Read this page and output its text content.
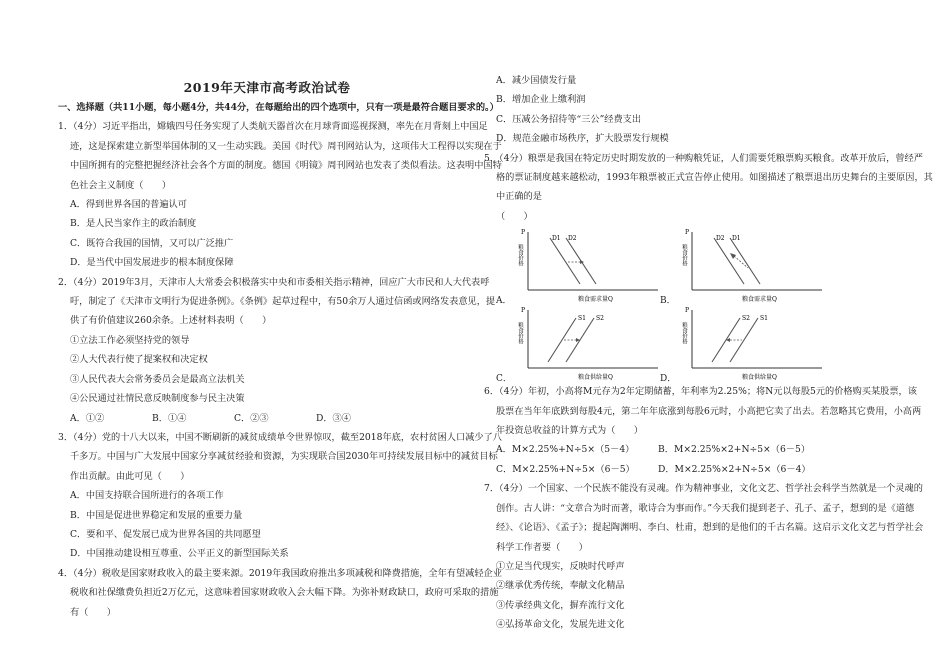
2019年天津市高考政治试卷
一、选择题（共11小题，每小题4分，共44分，在每题给出的四个选项中，只有一项是最符合题目要求的。）
1．（4分）习近平指出，嫦娥四号任务实现了人类航天器首次在月球背面巡视探测，率先在月背刻上中国足
迹，这是探索建立新型举国体制的又一生动实践。美国《时代》周刊网站认为，这项伟大工程得以实现在于
中国所拥有的完整把握经济社会各个方面的制度。德国《明镜》周刊网站也发表了类似看法。这表明中国特
色社会主义制度（　　）
A．得到世界各国的普遍认可
B．是人民当家作主的政治制度
C．既符合我国的国情，又可以广泛推广
D．是当代中国发展进步的根本制度保障
2．（4分）2019年3月，天津市人大常委会积极落实中央和市委相关指示精神，回应广大市民和人大代表呼
吁，制定了《天津市文明行为促进条例》。《条例》起草过程中，有50余万人通过信函或网络发表意见，提
供了有价值建议260余条。上述材料表明（　　）
①立法工作必须坚持党的领导
②人大代表行使了提案权和决定权
③人民代表大会常务委员会是最高立法机关
④公民通过社情民意反映制度参与民主决策
A．①②	B．①④	C．②③	D．③④
3．（4分）党的十八大以来，中国不断刷新的减贫成绩单令世界惊叹，截至2018年底，农村贫困人口减少了八
千多万。中国与广大发展中国家分享减贫经验和资源，为实现联合国2030年可持续发展目标中的减贫目标
作出贡献。由此可见（　　）
A．中国支持联合国所进行的各项工作
B．中国是促进世界稳定和发展的重要力量
C．要和平、促发展已成为世界各国的共同愿望
D．中国推动建设相互尊重、公平正义的新型国际关系
4．（4分）税收是国家财政收入的最主要来源。2019年我国政府推出多项减税和降费措施，全年有望减轻企业
税收和社保缴费负担近2万亿元，这意味着国家财政收入会大幅下降。为弥补财政缺口，政府可采取的措施
有（　　）
A．减少国债发行量
B．增加企业上缴利润
C．压减公务招待等“三公”经费支出
D．规范金融市场秩序，扩大股票发行规模
5．（4分）粮票是我国在特定历史时期发放的一种购粮凭证，人们需要凭粮票购买粮食。改革开放后，曾经严
格的票证制度越来越松动，1993年粮票被正式宣告停止使用。如图描述了粮票退出历史舞台的主要原因，其
中正确的是
（　　）
A．
P
粮食价格
粮食需求量Q
D1 D2
B．
P
粮食价格
粮食需求量Q
D2 D1
C．
P
粮食价格
粮食供给量Q
S1 S2
D．
P
粮食价格
粮食供给量Q
S2 S1
6．（4分）年初，小高将M元存为2年定期储蓄，年利率为2.25%；将N元以每股5元的价格购买某股票，该
股票在当年年底跌到每股4元，第二年年底涨到每股6元时，小高把它卖了出去。若忽略其它费用，小高两
年投资总收益的计算方式为（　　）
A．M×2.25%+N÷5×（5－4）	B．M×2.25%×2+N÷5×（6－5）
C．M×2.25%+N÷5×（6－5）	D．M×2.25%×2+N÷5×（6－4）
7．（4分）一个国家、一个民族不能没有灵魂。作为精神事业，文化文艺、哲学社会科学当然就是一个灵魂的
创作。古人讲：“文章合为时而著，歌诗合为事而作。”今天我们提到老子、孔子、孟子，想到的是《道德
经》、《论语》、《孟子》；提起陶渊明、李白、杜甫，想到的是他们的千古名篇。这启示文化文艺与哲学社会
科学工作者要（　　）
①立足当代现实，反映时代呼声
②继承优秀传统，奉献文化精品
③传承经典文化，摒弃流行文化
④弘扬革命文化，发展先进文化
